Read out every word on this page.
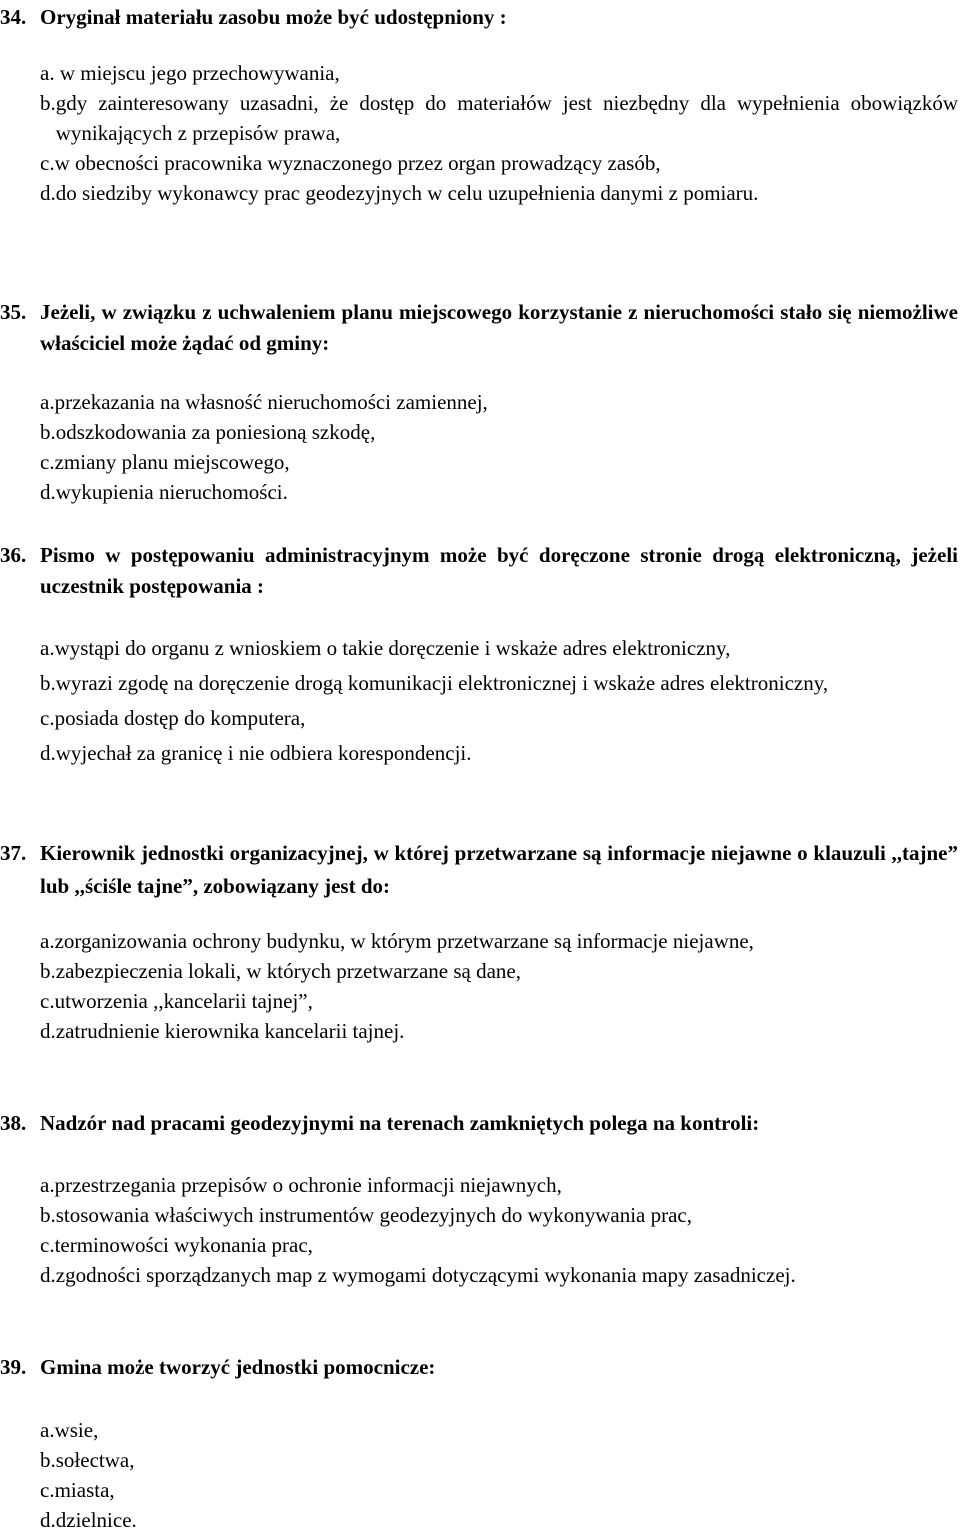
34. Oryginał materiału zasobu może być udostępniony :
a. w miejscu jego przechowywania,
b. gdy zainteresowany uzasadni, że dostęp do materiałów jest niezbędny dla wypełnienia obowiązków wynikających z przepisów prawa,
c. w obecności pracownika wyznaczonego przez organ prowadzący zasób,
d. do siedziby wykonawcy prac geodezyjnych w celu uzupełnienia danymi z pomiaru.
35. Jeżeli, w związku z uchwaleniem planu miejscowego korzystanie z nieruchomości stało się niemożliwe właściciel może żądać od gminy:
a. przekazania na własność nieruchomości zamiennej,
b. odszkodowania za poniesioną szkodę,
c. zmiany planu miejscowego,
d. wykupienia nieruchomości.
36. Pismo w postępowaniu administracyjnym może być doręczone stronie drogą elektroniczną, jeżeli uczestnik postępowania :
a. wystąpi do organu z wnioskiem o takie doręczenie i wskaże adres elektroniczny,
b. wyrazi zgodę na doręczenie drogą komunikacji elektronicznej i wskaże adres elektroniczny,
c. posiada dostęp do komputera,
d. wyjechał za granicę i nie odbiera korespondencji.
37. Kierownik jednostki organizacyjnej, w której przetwarzane są informacje niejawne o klauzuli ,,tajne” lub ,,ściśle tajne”, zobowiązany jest do:
a. zorganizowania ochrony budynku, w którym przetwarzane są informacje niejawne,
b. zabezpieczenia lokali, w których przetwarzane są dane,
c. utworzenia ,,kancelarii tajnej”,
d. zatrudnienie kierownika kancelarii tajnej.
38. Nadzór nad pracami geodezyjnymi na terenach zamkniętych polega na kontroli:
a. przestrzegania przepisów o ochronie informacji niejawnych,
b. stosowania właściwych instrumentów geodezyjnych do wykonywania prac,
c. terminowości wykonania prac,
d. zgodności sporządzanych map z wymogami dotyczącymi wykonania mapy zasadniczej.
39. Gmina może tworzyć jednostki pomocnicze:
a. wsie,
b. sołectwa,
c. miasta,
d. dzielnice.
